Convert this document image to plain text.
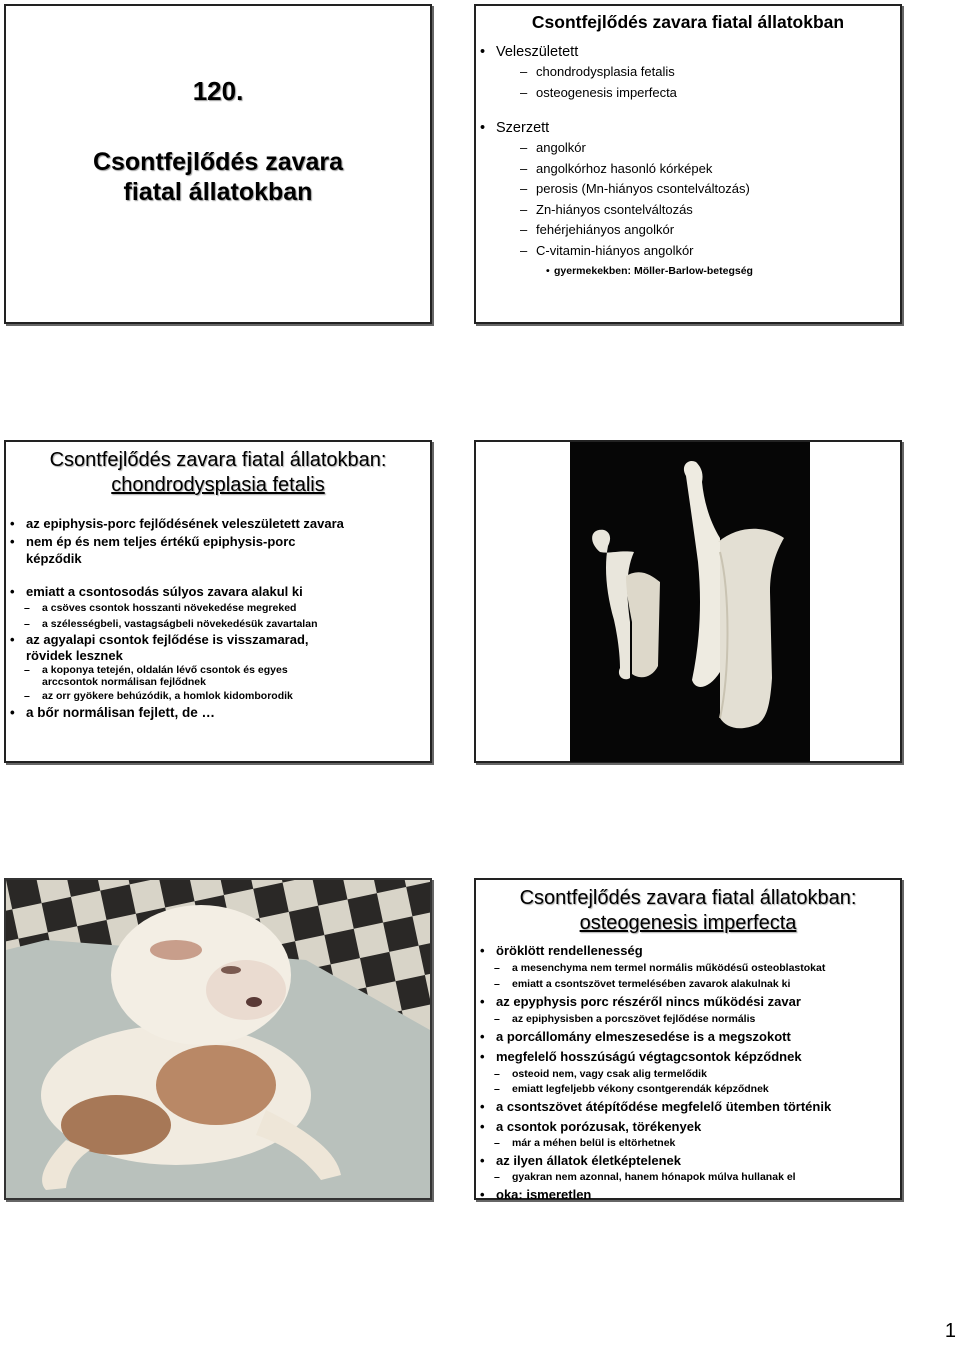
120.
Csontfejlődés zavara
fiatal állatokban
Csontfejlődés zavara fiatal állatokban
• Veleszületett
– chondrodysplasia fetalis
– osteogenesis imperfecta
• Szerzett
– angolkór
– angolkórhoz hasonló kórképek
– perosis (Mn-hiányos csontelváltozás)
– Zn-hiányos csontelváltozás
– fehérjehiányos angolkór
– C-vitamin-hiányos angolkór
• gyermekekben: Möller-Barlow-betegség
Csontfejlődés zavara fiatal állatokban:
chondrodysplasia fetalis
• az epiphysis-porc fejlődésének veleszületett zavara
• nem ép és nem teljes értékű epiphysis-porc képződik
• emiatt a csontosodás súlyos zavara alakul ki
– a csöves csontok hosszanti növekedése megreked
– a szélességbeli, vastagságbeli növekedésük zavartalan
• az agyalapi csontok fejlődése is visszamarad, rövidek lesznek
– a koponya tetején, oldalán lévő csontok és egyes arccsontok normálisan fejlődnek
– az orr gyökere behúzódik, a homlok kidomborodik
• a bőr normálisan fejlett, de …
Csontfejlődés zavara fiatal állatokban:
osteogenesis imperfecta
• öröklött rendellenesség
– a mesenchyma nem termel normális működésű osteoblastokat
– emiatt a csontszövet termelésében zavarok alakulnak ki
• az epyphysis porc részéről nincs működési zavar
– az epiphysisben a porcszövet fejlődése normális
• a porcállomány elmeszesedése is a megszokott
• megfelelő hosszúságú végtagcsontok képződnek
– osteoid nem, vagy csak alig termelődik
– emiatt legfeljebb vékony csontgerendák képződnek
• a csontszövet átépítődése megfelelő ütemben történik
• a csontok porózusak, törékenyek
– már a méhen belül is eltörhetnek
• az ilyen állatok életképtelenek
– gyakran nem azonnal, hanem hónapok múlva hullanak el
• oka: ismeretlen
1
